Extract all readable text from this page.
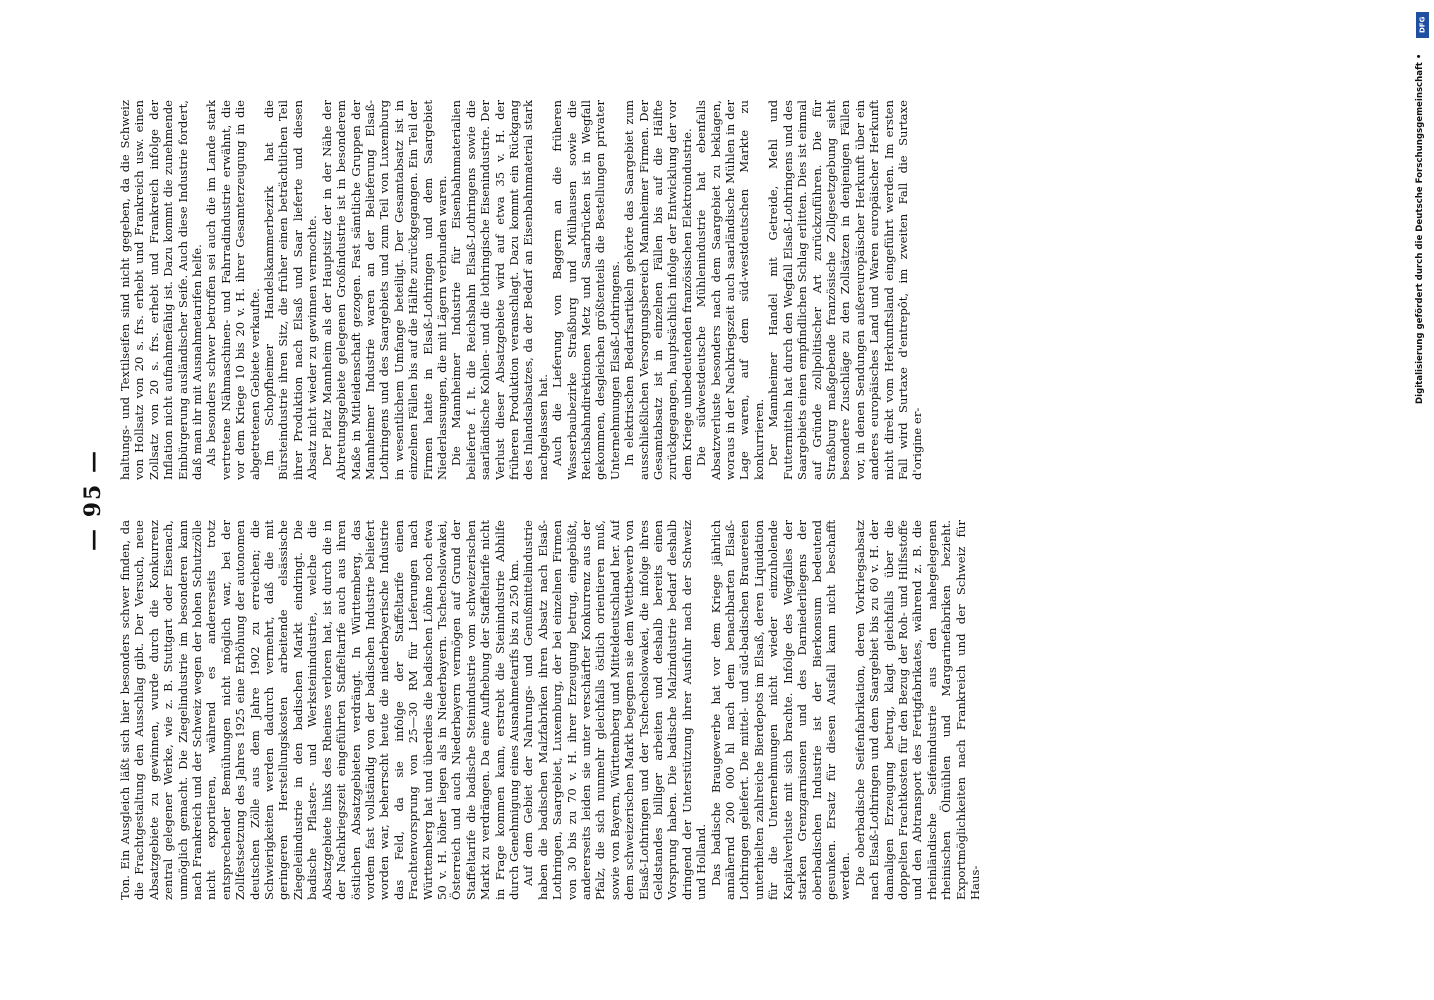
— 95 —

Ton. Ein Ausgleich läßt sich hier besonders schwer finden, da die Frachtgestaltung den Ausschlag gibt. Der Versuch, neue Absatzgebiete zu gewinnen, wurde durch die Konkurrenz zentral gelegener Werke, wie z. B. Stuttgart oder Eisenach, unmöglich gemacht. Die Ziegelindustrie im besonderen kann nach Frankreich und der Schweiz wegen der hohen Schutzzölle nicht exportieren, während es andererseits trotz entsprechender Bemühungen nicht möglich war, bei der Zollfestsetzung des Jahres 1925 eine Erhöhung der autonomen deutschen Zölle aus dem Jahre 1902 zu erreichen; die Schwierigkeiten werden dadurch vermehrt, daß die mit geringeren Herstellungskosten arbeitende elsässische Ziegeleiindustrie in den badischen Markt eindringt. Die badische Pflaster- und Werksteinindustrie, welche die Absatzgebiete links des Rheines verloren hat, ist durch die in der Nachkriegszeit eingeführten Staffeltarife auch aus ihren östlichen Absatzgebieten verdrängt. In Württemberg, das vordem fast vollständig von der badischen Industrie beliefert worden war, beherrscht heute die niederbayerische Industrie das Feld, da sie infolge der Staffeltarife einen Frachtenvorsprung von 25—30 RM für Lieferungen nach Württemberg hat und überdies die badischen Löhne noch etwa 50 v. H. höher liegen als in Niederbayern. Tschechoslowakei, Österreich und auch Niederbayern vermögen auf Grund der Staffeltarife die badische Steinindustrie vom schweizerischen Markt zu verdrängen. Da eine Aufhebung der Staffeltarife nicht in Frage kommen kann, erstrebt die Steinindustrie Abhilfe durch Genehmigung eines Ausnahmetarifs bis zu 250 km. Auf dem Gebiet der Nahrungs- und Genußmittelindustrie haben die badischen Malzfabriken ihren Absatz nach Elsaß-Lothringen, Saargebiet, Luxemburg, der bei einzelnen Firmen von 30 bis zu 70 v. H. ihrer Erzeugung betrug, eingebüßt, andererseits leiden sie unter verschärfter Konkurrenz aus der Pfalz, die sich nunmehr gleichfalls östlich orientieren muß, sowie von Bayern, Württemberg und Mitteldeutschland her. Auf dem schweizerischen Markt begegnen sie dem Wettbewerb von Elsaß-Lothringen und der Tschechoslowakei, die infolge ihres Geldstandes billiger arbeiten und deshalb bereits einen Vorsprung haben. Die badische Malzindustrie bedarf deshalb dringend der Unterstützung ihrer Ausfuhr nach der Schweiz und Holland. Das badische Braugewerbe hat vor dem Kriege jährlich annähernd 200 000 hl nach dem benachbarten Elsaß-Lothringen geliefert. Die mittel- und süd-badischen Brauereien unterhielten zahlreiche Bierdepots im Elsaß, deren Liquidation für die Unternehmungen nicht wieder einzuholende Kapitalverluste mit sich brachte. Infolge des Wegfalles der starken Grenzgarnisonen und des Darniederliegens der oberbadischen Industrie ist der Bierkonsum bedeutend gesunken. Ersatz für diesen Ausfall kann nicht beschafft werden. Die oberbadische Seifenfabrikation, deren Vorkriegsabsatz nach Elsaß-Lothringen und dem Saargebiet bis zu 60 v. H. der damaligen Erzeugung betrug, klagt gleichfalls über die doppelten Frachtkosten für den Bezug der Roh- und Hilfsstoffe und den Abtransport des Fertigfabrikates, während z. B. die rheinländische Seifenindustrie aus den nahegelegenen rheinischen Ölmühlen und Margarinefabriken bezieht. Exportmöglichkeiten nach Frankreich und der Schweiz für Haus-

haltungs- und Textilseifen sind nicht gegeben, da die Schweiz von Hollsatz von 20 s. frs. erhebt und Frankreich usw. einen Zollsatz von 20 s. frs. erhebt und Frankreich infolge der Inflation nicht aufnahmefähig ist. Dazu kommt die zunehmende Einbürgerung ausländischer Seife. Auch diese Industrie fordert, daß man ihr mit Ausnahmetarifen helfe. Als besonders schwer betroffen sei auch die im Lande stark vertretene Nähmaschinen- und Fahrradindustrie erwähnt, die vor dem Kriege 10 bis 20 v. H. ihrer Gesamterzeugung in die abgetretenen Gebiete verkaufte. Im Schopfheimer Handelskammerbezirk hat die Bürsteindustrie ihren Sitz, die früher einen beträchtlichen Teil ihrer Produktion nach Elsaß und Saar lieferte und diesen Absatz nicht wieder zu gewinnen vermochte. Der Platz Mannheim als der Hauptsitz der in der Nähe der Abtretungsgebiete gelegenen Großindustrie ist in besonderem Maße in Mitleidenschaft gezogen. Fast sämtliche Gruppen der Mannheimer Industrie waren an der Belieferung Elsaß-Lothringens und des Saargebiets und zum Teil von Luxemburg in wesentlichem Umfange beteiligt. Der Gesamtabsatz ist in einzelnen Fällen bis auf die Hälfte zurückgegangen. Ein Teil der Firmen hatte in Elsaß-Lothringen und dem Saargebiet Niederlassungen, die mit Lägern verbunden waren. Die Mannheimer Industrie für Eisenbahnmaterialien belieferte f. It. die Reichsbahn Elsaß-Lothringens sowie die saarländische Kohlen- und die lothringische Eisenindustrie. Der Verlust dieser Absatzgebiete wird auf etwa 35 v. H. der früheren Produktion veranschlagt. Dazu kommt ein Rückgang des Inlandsabsatzes, da der Bedarf an Eisenbahnmaterial stark nachgelassen hat. Auch die Lieferung von Baggern an die früheren Wasserbaubezirke Straßburg und Mülhausen sowie die Reichsbahndirektionen Metz und Saarbrücken ist in Wegfall gekommen, desgleichen größtenteils die Bestellungen privater Unternehmungen Elsaß-Lothringens. In elektrischen Bedarfsartikeln gehörte das Saargebiet zum ausschließlichen Versorgungsbereich Mannheimer Firmen. Der Gesamtabsatz ist in einzelnen Fällen bis auf die Hälfte zurückgegangen, hauptsächlich infolge der Entwicklung der vor dem Kriege unbedeutenden französischen Elektroindustrie. Die südwestdeutsche Mühlenindustrie hat ebenfalls Absatzverluste besonders nach dem Saargebiet zu beklagen, woraus in der Nachkriegszeit auch saarländische Mühlen in der Lage waren, auf dem süd-westdeutschen Markte zu konkurrieren. Der Mannheimer Handel mit Getreide, Mehl und Futtermitteln hat durch den Wegfall Elsaß-Lothringens und des Saargebiets einen empfindlichen Schlag erlitten. Dies ist einmal auf Gründe zollpolitischer Art zurückzuführen. Die für Straßburg maßgebende französische Zollgesetzgebung sieht besondere Zuschläge zu den Zollsätzen in denjenigen Fällen vor, in denen Sendungen außereuropäischer Herkunft über ein anderes europäisches Land und Waren europäischer Herkunft nicht direkt vom Herkunftsland eingeführt werden. Im ersten Fall wird Surtaxe d'entrepôt, im zweiten Fall die Surtaxe d'origine er-

DFG
Digitalisierung gefördert durch die Deutsche Forschungsgemeinschaft •
